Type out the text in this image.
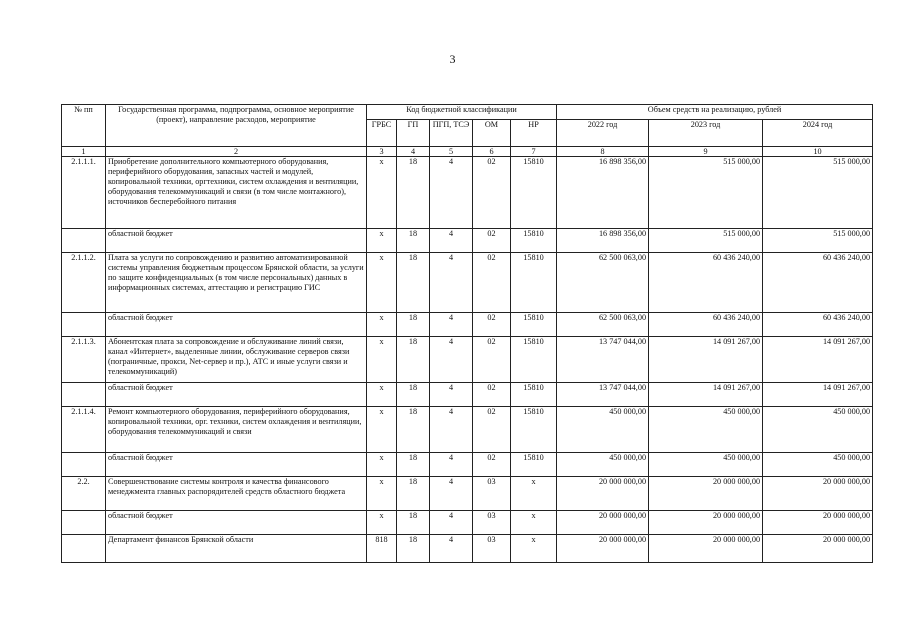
3
№ пп	Государственная программа, подпрограмма, основное мероприятие (проект), направление расходов, мероприятие	Код бюджетной классификации					Объем средств на реализацию, рублей		
		ГРБС	ГП	ПГП, ТСЭ	ОМ	НР	2022 год	2023 год	2024 год
1	2	3	4	5	6	7	8	9	10
2.1.1.1.	Приобретение дополнительного компьютерного оборудования, периферийного оборудования, запасных частей и модулей, копировальной техники, оргтехники, систем охлаждения и вентиляции, оборудования телекоммуникаций и связи (в том числе монтажного), источников бесперебойного питания	х	18	4	02	15810	16 898 356,00	515 000,00	515 000,00
	областной бюджет	х	18	4	02	15810	16 898 356,00	515 000,00	515 000,00
2.1.1.2.	Плата за услуги по сопровождению и развитию автоматизированной системы управления бюджетным процессом Брянской области, за услуги по защите конфиденциальных (в том числе персональных) данных в информационных системах, аттестацию и регистрацию ГИС	х	18	4	02	15810	62 500 063,00	60 436 240,00	60 436 240,00
	областной бюджет	х	18	4	02	15810	62 500 063,00	60 436 240,00	60 436 240,00
2.1.1.3.	Абонентская плата за сопровождение и обслуживание линий связи, канал «Интернет», выделенные линии, обслуживание серверов связи (пограничные, прокси, Net-сервер и пр.), АТС и иные услуги связи и телекоммуникаций)	х	18	4	02	15810	13 747 044,00	14 091 267,00	14 091 267,00
	областной бюджет	х	18	4	02	15810	13 747 044,00	14 091 267,00	14 091 267,00
2.1.1.4.	Ремонт компьютерного оборудования, периферийного оборудования, копировальной техники, орг. техники, систем охлаждения и вентиляции, оборудования телекоммуникаций и связи	х	18	4	02	15810	450 000,00	450 000,00	450 000,00
	областной бюджет	х	18	4	02	15810	450 000,00	450 000,00	450 000,00
2.2.	Совершенствование системы контроля и качества финансового менеджмента главных распорядителей средств областного бюджета	х	18	4	03	х	20 000 000,00	20 000 000,00	20 000 000,00
	областной бюджет	х	18	4	03	х	20 000 000,00	20 000 000,00	20 000 000,00
	Департамент финансов Брянской области	818	18	4	03	х	20 000 000,00	20 000 000,00	20 000 000,00
